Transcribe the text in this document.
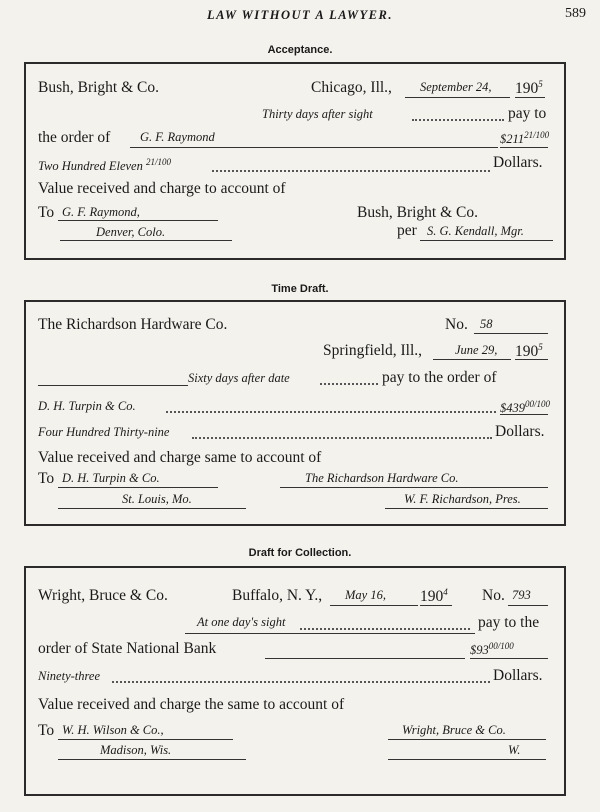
LAW WITHOUT A LAWYER.	589
Acceptance.
Bush, Bright & Co.	Chicago, Ill., September 24, $190^5$
Thirty days after sight	pay to
the order of G. F. Raymond	$\$211^{21/100}$
Two Hundred Eleven $^{21/100}$	Dollars.
Value received and charge to account of
To G. F. Raymond,	Bush, Bright & Co.
Denver, Colo.	per S. G. Kendall, Mgr.
Time Draft.
The Richardson Hardware Co.	No. 58
Springfield, Ill.,	June 29, $190^5$
Sixty days after date	pay to the order of
D. H. Turpin & Co.	$\$439^{00/100}$
Four Hundred Thirty-nine	Dollars.
Value received and charge same to account of
To D. H. Turpin & Co.	The Richardson Hardware Co.
St. Louis, Mo.	W. F. Richardson, Pres.
Draft for Collection.
Wright, Bruce & Co.	Buffalo, N. Y., May 16, $190^4$ No. 793
At one day's sight	pay to the
order of State National Bank	$\$93^{00/100}$
Ninety-three	Dollars.
Value received and charge the same to account of
To W. H. Wilson & Co.,	Wright, Bruce & Co.
Madison, Wis.	W.
